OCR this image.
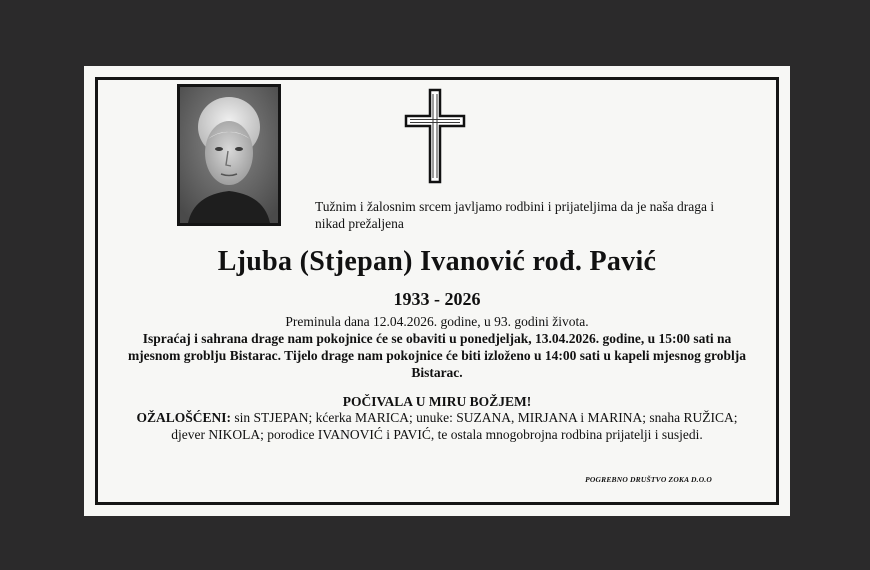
Tužnim i žalosnim srcem javljamo rodbini i prijateljima da je naša draga i nikad prežaljena
Ljuba (Stjepan) Ivanović rođ. Pavić
1933 - 2026
Preminula dana 12.04.2026. godine, u 93. godini života.
Ispraćaj i sahrana drage nam pokojnice će se obaviti u ponedjeljak, 13.04.2026. godine, u 15:00 sati na mjesnom groblju Bistarac. Tijelo drage nam pokojnice će biti izloženo u 14:00 sati u kapeli mjesnog groblja Bistarac.
POČIVALA U MIRU BOŽJEM!
OŽALOŠĆENI: sin STJEPAN; kćerka MARICA; unuke: SUZANA, MIRJANA i MARINA; snaha RUŽICA; djever NIKOLA; porodice IVANOVIĆ i PAVIĆ, te ostala mnogobrojna rodbina prijatelji i susjedi.
POGREBNO DRUŠTVO ZOKA D.O.O
